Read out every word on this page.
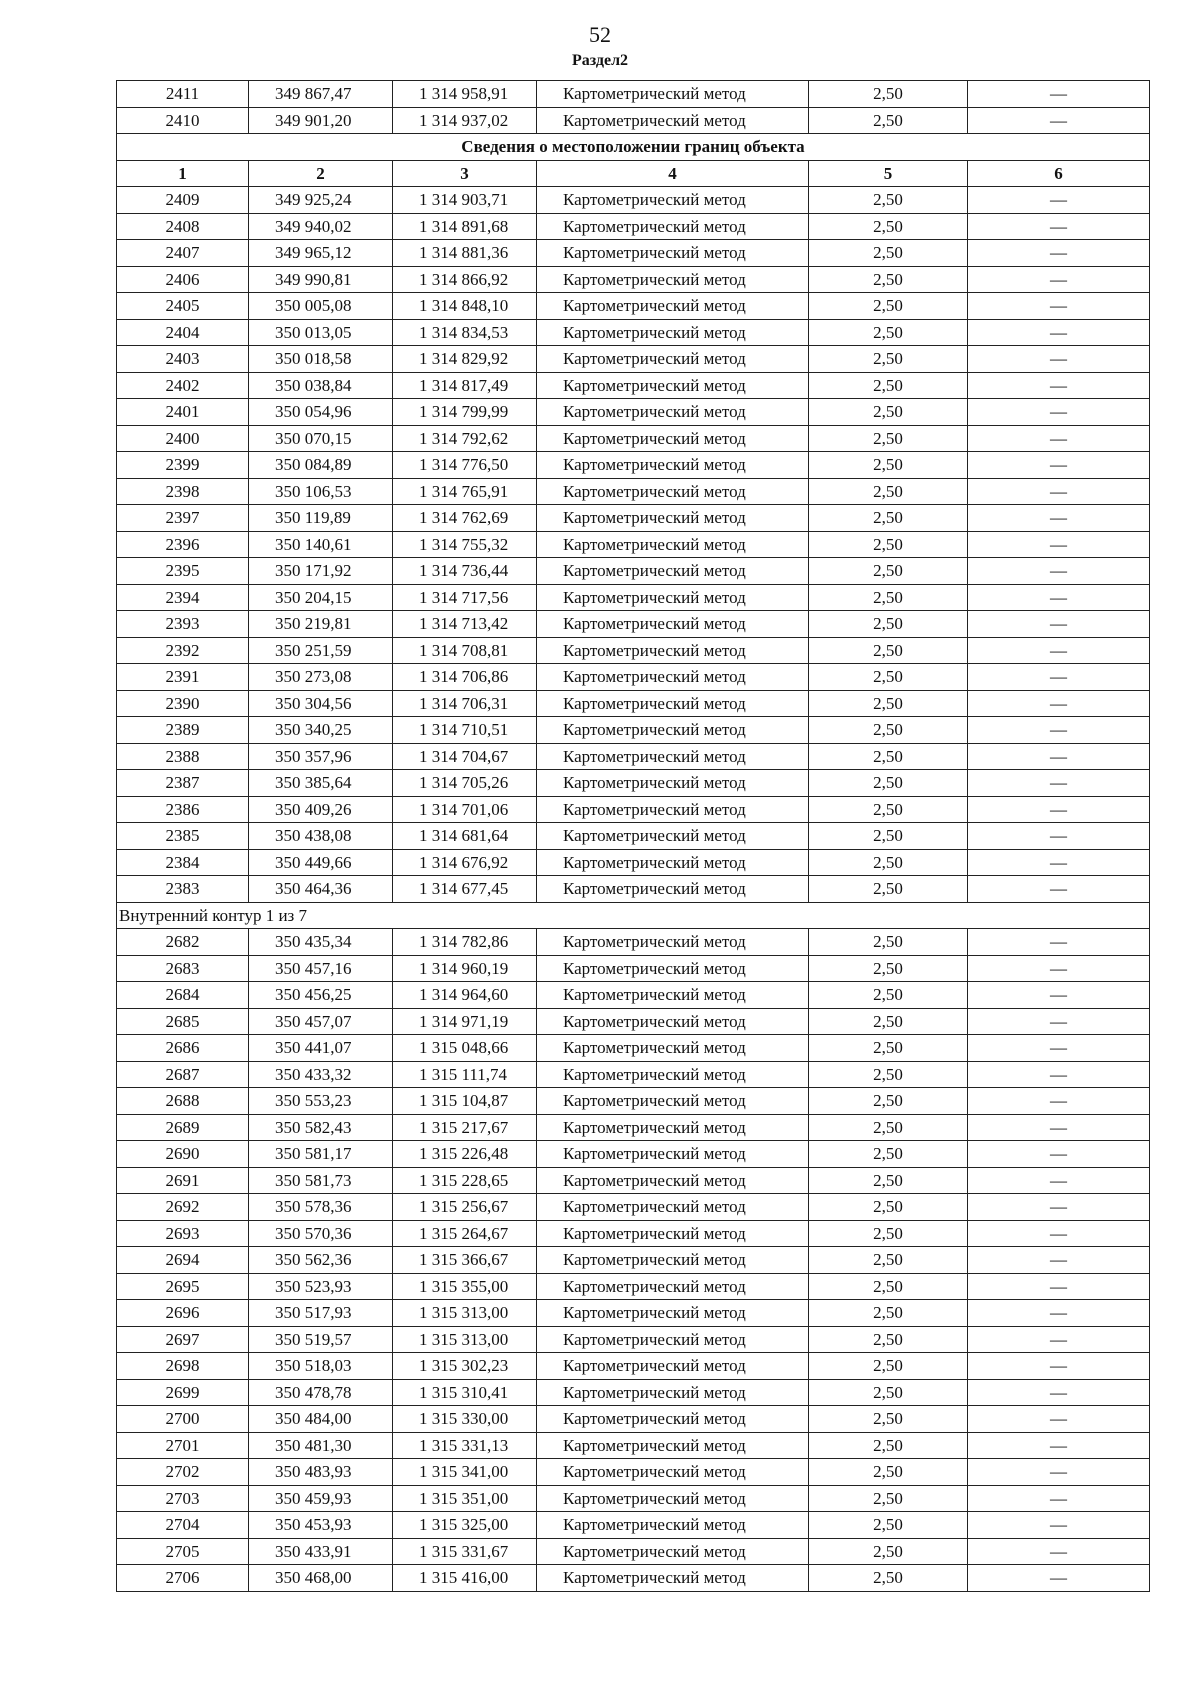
52
Раздел2
2411	349 867,47	1 314 958,91	Картометрический метод	2,50	—
2410	349 901,20	1 314 937,02	Картометрический метод	2,50	—
Сведения о местоположении границ объекта					
1	2	3	4	5	6
2409	349 925,24	1 314 903,71	Картометрический метод	2,50	—
2408	349 940,02	1 314 891,68	Картометрический метод	2,50	—
2407	349 965,12	1 314 881,36	Картометрический метод	2,50	—
2406	349 990,81	1 314 866,92	Картометрический метод	2,50	—
2405	350 005,08	1 314 848,10	Картометрический метод	2,50	—
2404	350 013,05	1 314 834,53	Картометрический метод	2,50	—
2403	350 018,58	1 314 829,92	Картометрический метод	2,50	—
2402	350 038,84	1 314 817,49	Картометрический метод	2,50	—
2401	350 054,96	1 314 799,99	Картометрический метод	2,50	—
2400	350 070,15	1 314 792,62	Картометрический метод	2,50	—
2399	350 084,89	1 314 776,50	Картометрический метод	2,50	—
2398	350 106,53	1 314 765,91	Картометрический метод	2,50	—
2397	350 119,89	1 314 762,69	Картометрический метод	2,50	—
2396	350 140,61	1 314 755,32	Картометрический метод	2,50	—
2395	350 171,92	1 314 736,44	Картометрический метод	2,50	—
2394	350 204,15	1 314 717,56	Картометрический метод	2,50	—
2393	350 219,81	1 314 713,42	Картометрический метод	2,50	—
2392	350 251,59	1 314 708,81	Картометрический метод	2,50	—
2391	350 273,08	1 314 706,86	Картометрический метод	2,50	—
2390	350 304,56	1 314 706,31	Картометрический метод	2,50	—
2389	350 340,25	1 314 710,51	Картометрический метод	2,50	—
2388	350 357,96	1 314 704,67	Картометрический метод	2,50	—
2387	350 385,64	1 314 705,26	Картометрический метод	2,50	—
2386	350 409,26	1 314 701,06	Картометрический метод	2,50	—
2385	350 438,08	1 314 681,64	Картометрический метод	2,50	—
2384	350 449,66	1 314 676,92	Картометрический метод	2,50	—
2383	350 464,36	1 314 677,45	Картометрический метод	2,50	—
Внутренний контур 1 из 7					
2682	350 435,34	1 314 782,86	Картометрический метод	2,50	—
2683	350 457,16	1 314 960,19	Картометрический метод	2,50	—
2684	350 456,25	1 314 964,60	Картометрический метод	2,50	—
2685	350 457,07	1 314 971,19	Картометрический метод	2,50	—
2686	350 441,07	1 315 048,66	Картометрический метод	2,50	—
2687	350 433,32	1 315 111,74	Картометрический метод	2,50	—
2688	350 553,23	1 315 104,87	Картометрический метод	2,50	—
2689	350 582,43	1 315 217,67	Картометрический метод	2,50	—
2690	350 581,17	1 315 226,48	Картометрический метод	2,50	—
2691	350 581,73	1 315 228,65	Картометрический метод	2,50	—
2692	350 578,36	1 315 256,67	Картометрический метод	2,50	—
2693	350 570,36	1 315 264,67	Картометрический метод	2,50	—
2694	350 562,36	1 315 366,67	Картометрический метод	2,50	—
2695	350 523,93	1 315 355,00	Картометрический метод	2,50	—
2696	350 517,93	1 315 313,00	Картометрический метод	2,50	—
2697	350 519,57	1 315 313,00	Картометрический метод	2,50	—
2698	350 518,03	1 315 302,23	Картометрический метод	2,50	—
2699	350 478,78	1 315 310,41	Картометрический метод	2,50	—
2700	350 484,00	1 315 330,00	Картометрический метод	2,50	—
2701	350 481,30	1 315 331,13	Картометрический метод	2,50	—
2702	350 483,93	1 315 341,00	Картометрический метод	2,50	—
2703	350 459,93	1 315 351,00	Картометрический метод	2,50	—
2704	350 453,93	1 315 325,00	Картометрический метод	2,50	—
2705	350 433,91	1 315 331,67	Картометрический метод	2,50	—
2706	350 468,00	1 315 416,00	Картометрический метод	2,50	—
